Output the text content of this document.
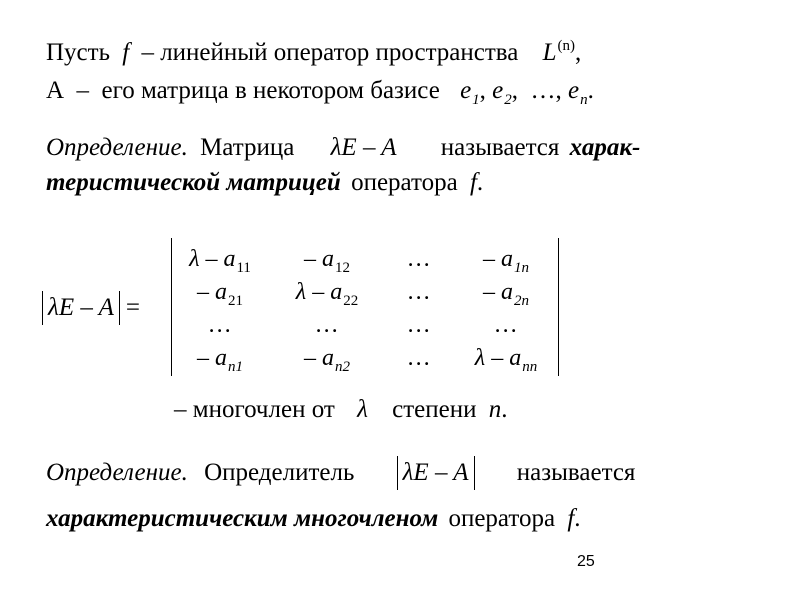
Пусть f – линейный оператор пространства $L^{(n)}$,
А  –  его матрица в некотором базисе $e_1$, $e_2$,  …, $e_n$.
Определение. Матрица λE – A называется харак-
теристической матрицей оператора f.
λE – A =
λ – $a_{11}$	– $a_{12}$	…	– $a_{1n}$
– $a_{21}$	λ – $a_{22}$	…	– $a_{2n}$
…	…	…	…
– $a_{n1}$	– $a_{n2}$	…	λ – $a_{nn}$
– многочлен от λ степени n.
Определение. Определитель λE – A называется
характеристическим многочленом оператора f.
25
